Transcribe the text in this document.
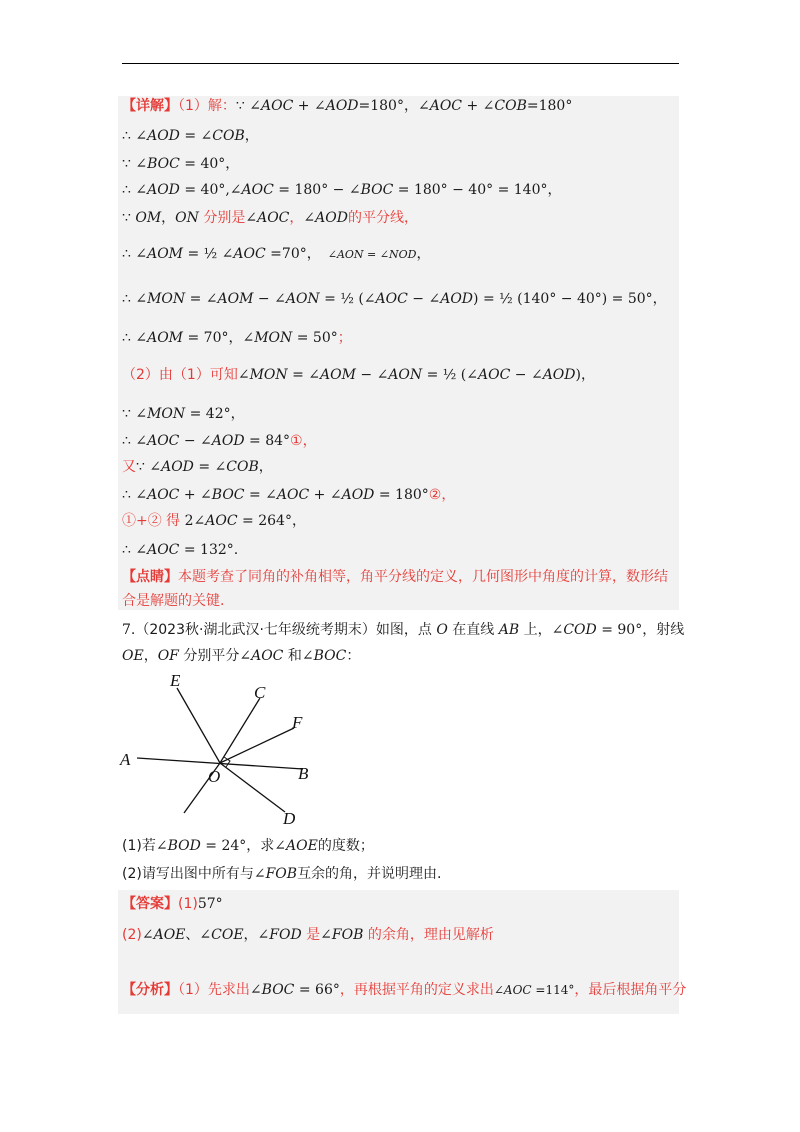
【详解】（1）解：∵ ∠AOC + ∠AOD=180°，∠AOC + ∠COB=180°
∴ ∠AOD = ∠COB，
∵ ∠BOC = 40°，
∴ ∠AOD = 40°,∠AOC = 180° − ∠BOC = 180° − 40° = 140°，
∵ OM，ON 分别是∠AOC，∠AOD的平分线，
∴ ∠AOM = ½ ∠AOC =70°，　∠AON = ∠NOD，
∴ ∠MON = ∠AOM − ∠AON = ½ (∠AOC − ∠AOD) = ½ (140° − 40°) = 50°，
∴ ∠AOM = 70°，∠MON = 50°；
（2）由（1）可知∠MON = ∠AOM − ∠AON = ½ (∠AOC − ∠AOD)，
∵ ∠MON = 42°，
∴ ∠AOC − ∠AOD = 84°①，
又∵ ∠AOD = ∠COB，
∴ ∠AOC + ∠BOC = ∠AOC + ∠AOD = 180°②，
①+② 得 2∠AOC = 264°，
∴ ∠AOC = 132°.
【点睛】本题考查了同角的补角相等，角平分线的定义，几何图形中角度的计算，数形结
合是解题的关键.
7.（2023秋·湖北武汉·七年级统考期末）如图，点 O 在直线 AB 上，∠COD = 90°，射线
OE，OF 分别平分∠AOC 和∠BOC：
A
B
C
D
E
F
O
(1)若∠BOD = 24°，求∠AOE的度数；
(2)请写出图中所有与∠FOB互余的角，并说明理由.
【答案】(1)57°
(2)∠AOE、∠COE，∠FOD 是∠FOB 的余角，理由见解析
【分析】（1）先求出∠BOC = 66°，再根据平角的定义求出∠AOC =114°，最后根据角平分
